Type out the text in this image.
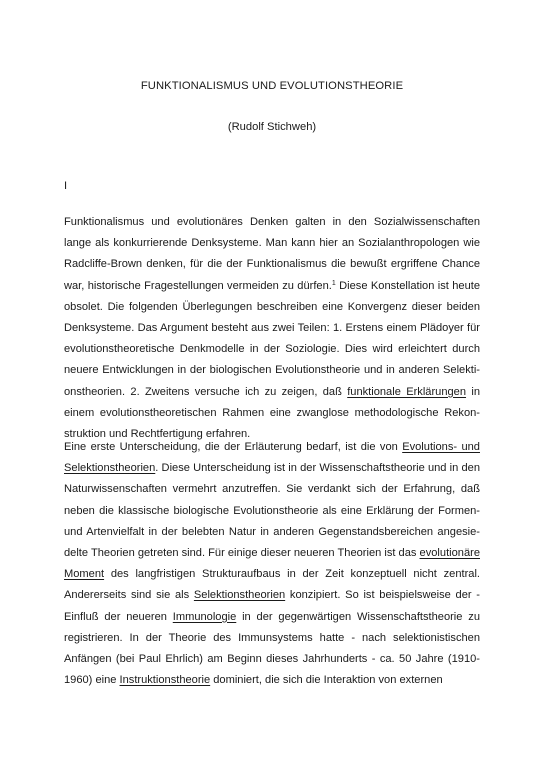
FUNKTIONALISMUS UND EVOLUTIONSTHEORIE
(Rudolf Stichweh)
I
Funktionalismus und evolutionäres Denken galten in den Sozialwissenschaften
lange als konkurrierende Denksysteme. Man kann hier an Sozialanthropologen wie
Radcliffe-Brown denken, für die der Funktionalismus die bewußt ergriffene Chance
war, historische Fragestellungen vermeiden zu dürfen.$^1$ Diese Konstellation ist heute
obsolet. Die folgenden Überlegungen beschreiben eine Konvergenz dieser beiden
Denksysteme. Das Argument besteht aus zwei Teilen: 1. Erstens einem Plädoyer für
evolutionstheoretische Denkmodelle in der Soziologie. Dies wird erleichtert durch
neuere Entwicklungen in der biologischen Evolutionstheorie und in anderen Selekti-
onstheorien. 2. Zweitens versuche ich zu zeigen, daß funktionale Erklärungen in
einem evolutionstheoretischen Rahmen eine zwanglose methodologische Rekon-
struktion und Rechtfertigung erfahren.
Eine erste Unterscheidung, die der Erläuterung bedarf, ist die von Evolutions- und
Selektionstheorien. Diese Unterscheidung ist in der Wissenschaftstheorie und in den
Naturwissenschaften vermehrt anzutreffen. Sie verdankt sich der Erfahrung, daß
neben die klassische biologische Evolutionstheorie als eine Erklärung der Formen-
und Artenvielfalt in der belebten Natur in anderen Gegenstandsbereichen angesie-
delte Theorien getreten sind. Für einige dieser neueren Theorien ist das evolutionäre
Moment des langfristigen Strukturaufbaus in der Zeit konzeptuell nicht zentral.
Andererseits sind sie als Selektionstheorien konzipiert. So ist beispielsweise der -
Einfluß der neueren Immunologie in der gegenwärtigen Wissenschaftstheorie zu
registrieren. In der Theorie des Immunsystems hatte - nach selektionistischen
Anfängen (bei Paul Ehrlich) am Beginn dieses Jahrhunderts - ca. 50 Jahre (1910-
1960) eine Instruktionstheorie dominiert, die sich die Interaktion von externen
